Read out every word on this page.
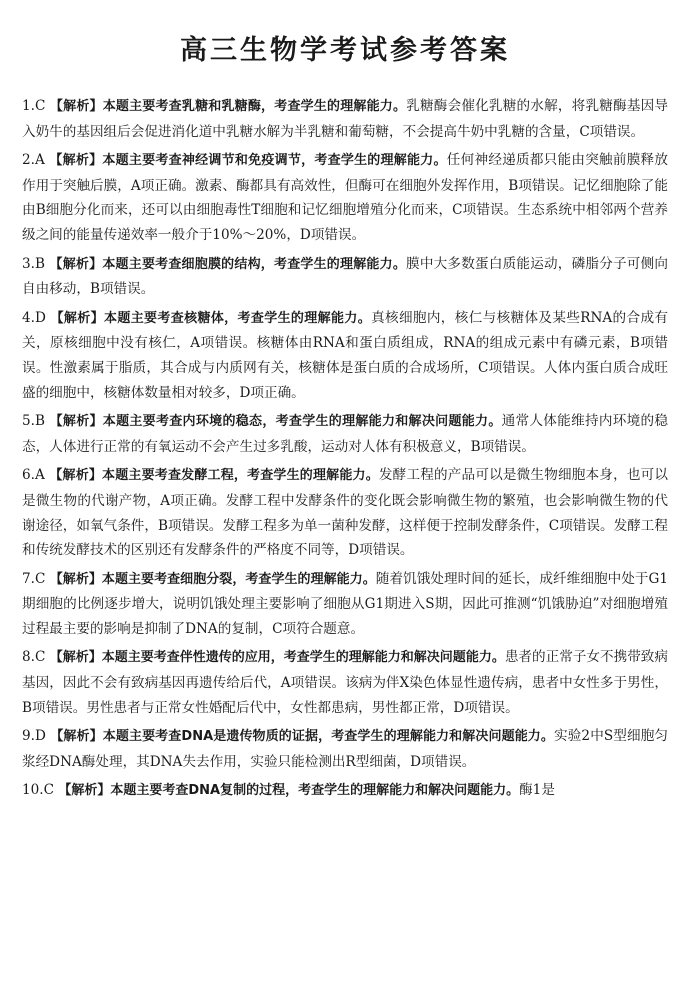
高三生物学考试参考答案

1.C 【解析】本题主要考查乳糖和乳糖酶，考查学生的理解能力。乳糖酶会催化乳糖的水解，将乳糖酶基因导入奶牛的基因组后会促进消化道中乳糖水解为半乳糖和葡萄糖，不会提高牛奶中乳糖的含量，C项错误。

2.A 【解析】本题主要考查神经调节和免疫调节，考查学生的理解能力。任何神经递质都只能由突触前膜释放作用于突触后膜，A项正确。激素、酶都具有高效性，但酶可在细胞外发挥作用，B项错误。记忆细胞除了能由B细胞分化而来，还可以由细胞毒性T细胞和记忆细胞增殖分化而来，C项错误。生态系统中相邻两个营养级之间的能量传递效率一般介于10%～20%，D项错误。

3.B 【解析】本题主要考查细胞膜的结构，考查学生的理解能力。膜中大多数蛋白质能运动，磷脂分子可侧向自由移动，B项错误。

4.D 【解析】本题主要考查核糖体，考查学生的理解能力。真核细胞内，核仁与核糖体及某些RNA的合成有关，原核细胞中没有核仁，A项错误。核糖体由RNA和蛋白质组成，RNA的组成元素中有磷元素，B项错误。性激素属于脂质，其合成与内质网有关，核糖体是蛋白质的合成场所，C项错误。人体内蛋白质合成旺盛的细胞中，核糖体数量相对较多，D项正确。

5.B 【解析】本题主要考查内环境的稳态，考查学生的理解能力和解决问题能力。通常人体能维持内环境的稳态，人体进行正常的有氧运动不会产生过多乳酸，运动对人体有积极意义，B项错误。

6.A 【解析】本题主要考查发酵工程，考查学生的理解能力。发酵工程的产品可以是微生物细胞本身，也可以是微生物的代谢产物，A项正确。发酵工程中发酵条件的变化既会影响微生物的繁殖，也会影响微生物的代谢途径，如氧气条件，B项错误。发酵工程多为单一菌种发酵，这样便于控制发酵条件，C项错误。发酵工程和传统发酵技术的区别还有发酵条件的严格度不同等，D项错误。

7.C 【解析】本题主要考查细胞分裂，考查学生的理解能力。随着饥饿处理时间的延长，成纤维细胞中处于G1期细胞的比例逐步增大，说明饥饿处理主要影响了细胞从G1期进入S期，因此可推测“饥饿胁迫”对细胞增殖过程最主要的影响是抑制了DNA的复制，C项符合题意。

8.C 【解析】本题主要考查伴性遗传的应用，考查学生的理解能力和解决问题能力。患者的正常子女不携带致病基因，因此不会有致病基因再遗传给后代，A项错误。该病为伴X染色体显性遗传病，患者中女性多于男性，B项错误。男性患者与正常女性婚配后代中，女性都患病，男性都正常，D项错误。

9.D 【解析】本题主要考查DNA是遗传物质的证据，考查学生的理解能力和解决问题能力。实验2中S型细胞匀浆经DNA酶处理，其DNA失去作用，实验只能检测出R型细菌，D项错误。

10.C 【解析】本题主要考查DNA复制的过程，考查学生的理解能力和解决问题能力。酶1是
